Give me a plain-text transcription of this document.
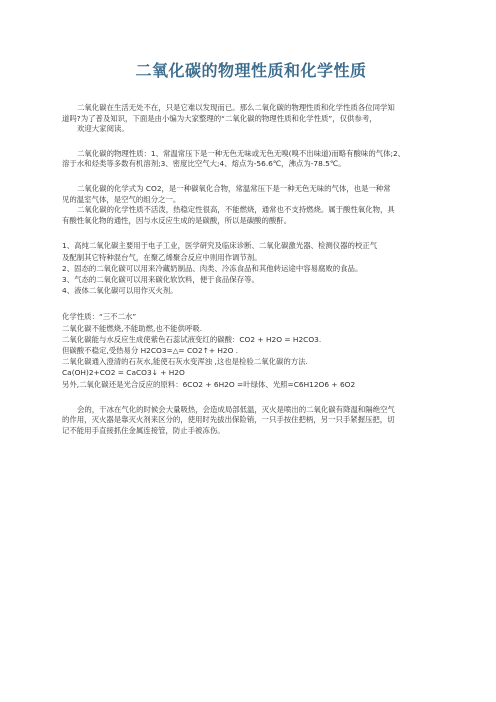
二氧化碳的物理性质和化学性质
二氧化碳在生活无处不在，只是它难以发现而已。那么二氧化碳的物理性质和化学性质各位同学知
道吗?为了普及知识，下面是由小编为大家整理的“二氧化碳的物理性质和化学性质”，仅供参考，
欢迎大家阅读。
二氧化碳的物理性质：1、常温常压下是一种无色无味或无色无嗅(嗅不出味道)而略有酸味的气体;2、
溶于水和烃类等多数有机溶剂;3、密度比空气大;4、熔点为-56.6℃，沸点为-78.5℃。
二氧化碳的化学式为 CO2，是一种碳氧化合物，常温常压下是一种无色无味的气体，也是一种常
见的温室气体，是空气的组分之一。
二氧化碳的化学性质不活泼，热稳定性很高，不能燃烧，通常也不支持燃烧。属于酸性氧化物，具
有酸性氧化物的通性，因与水反应生成的是碳酸，所以是碳酸的酸酐。
1、高纯二氧化碳主要用于电子工业，医学研究及临床诊断、二氧化碳激光器、检测仪器的校正气
及配制其它特种混台气，在聚乙烯聚合反应中则用作调节剂。
2、固态的二氧化碳可以用来冷藏奶制品、肉类、冷冻食品和其他转运途中容易腐败的食品。
3、气态的二氧化碳可以用来碳化软饮料，便于食品保存等。
4、液体二氧化碳可以用作灭火剂。
化学性质：“三不二水”
二氧化碳不能燃烧,不能助燃,也不能供呼吸.
二氧化碳能与水反应生成使紫色石蕊试液变红的碳酸：CO2 + H2O = H2CO3.
但碳酸不稳定,受热易分 H2CO3=△= CO2↑+ H2O .
二氧化碳通入澄清的石灰水,能使石灰水变浑浊 ,这也是检验二氧化碳的方法.
Ca(OH)2+CO2 = CaCO3↓ + H2O
另外,二氧化碳还是光合反应的原料：6CO2 + 6H2O =叶绿体、光照=C6H12O6 + 6O2
会的，干冰在气化的时候会大量吸热，会造成局部低温，灭火是喷出的二氧化碳有降温和隔绝空气
的作用，灭火器是靠灭火剂来区分的，使用时先拔出保险销，一只手按住把柄，另一只手紧握压把，切
记不能用手直接抓住金属连接管，防止手被冻伤。
